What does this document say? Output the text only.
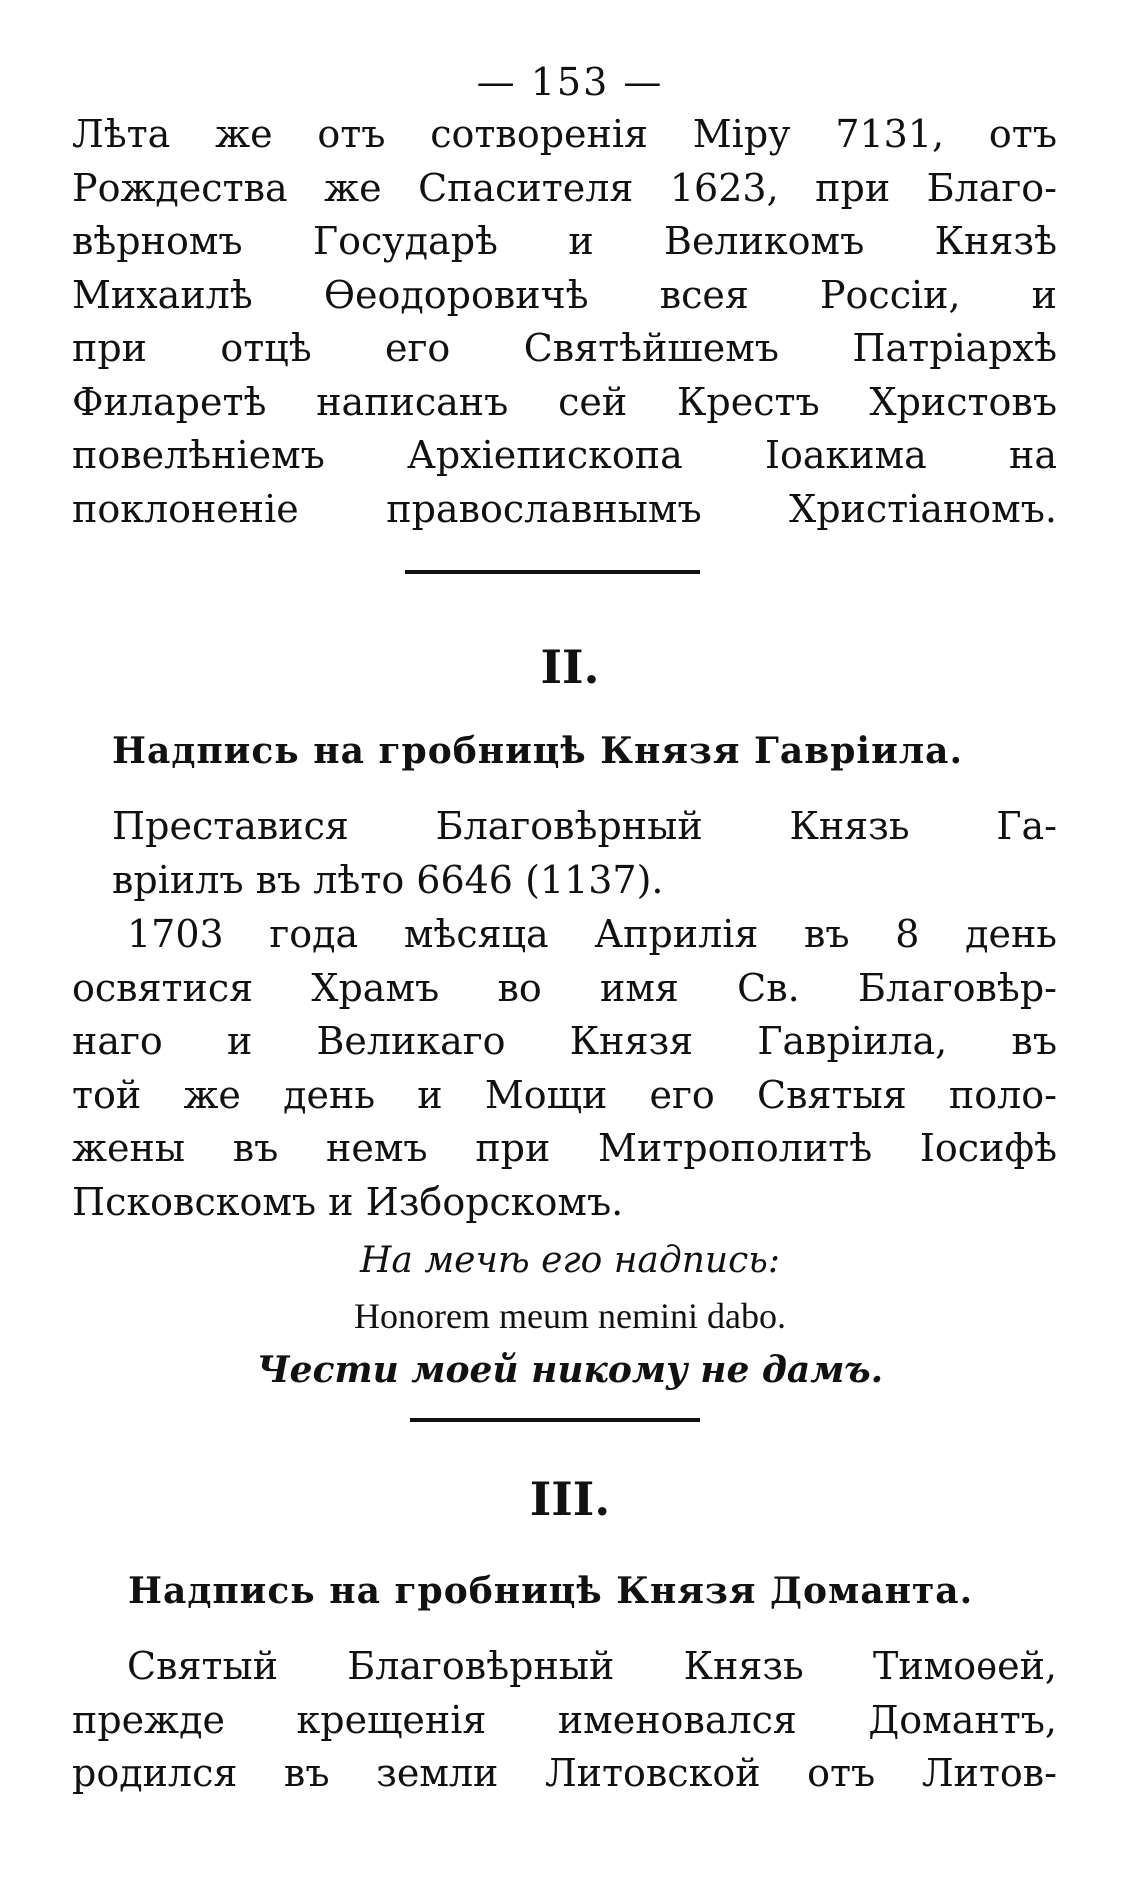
— 153 —
Лѣта же отъ сотворенія Міру 7131, отъ
Рождества же Спасителя 1623, при Благо-
вѣрномъ Государѣ и Великомъ Князѣ
Михаилѣ Ѳеодоровичѣ всея Россіи, и
при отцѣ его Святѣйшемъ Патріархѣ
Филаретѣ написанъ сей Крестъ Христовъ
повелѣніемъ Архіепископа Іоакима на
поклоненіе православнымъ Христіаномъ.
II.
Надпись на гробницѣ Князя Гавріила.
Преставися Благовѣрный Князь Га-
вріилъ въ лѣто 6646 (1137).
1703 года мѣсяца Априлія въ 8 день
освятися Храмъ во имя Св. Благовѣр-
наго и Великаго Князя Гавріила, въ
той же день и Мощи его Святыя поло-
жены въ немъ при Митрополитѣ Іосифѣ
Псковскомъ и Изборскомъ.
На мечѣ его надпись:
Honorem meum nemini dabo.
Чести моей никому не дамъ.
III.
Надпись на гробницѣ Князя Доманта.
Святый Благовѣрный Князь Тимоѳей,
прежде крещенія именовался Домантъ,
родился въ земли Литовской отъ Литов-
